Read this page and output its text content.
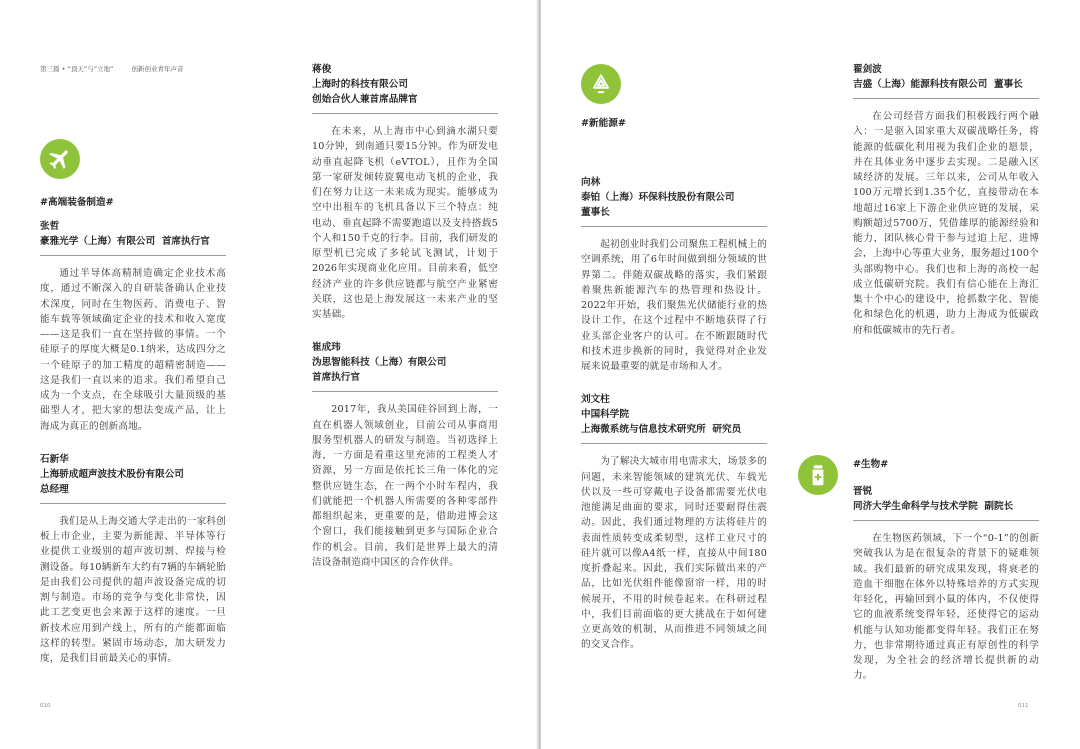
第三篇 • “顶天”与“立地”	创新创业青年声音
#高端装备制造#
张哲
豪雅光学（上海）有限公司 首席执行官

通过半导体高精制造确定企业技术高度，通过不断深入的自研装备确认企业技术深度，同时在生物医药、消费电子、智能车载等领域确定企业的技术和收入宽度——这是我们一直在坚持做的事情。一个硅原子的厚度大概是0.1纳米，达成四分之一个硅原子的加工精度的超精密制造——这是我们一直以来的追求。我们希望自己成为一个支点，在全球吸引大量顶级的基础型人才，把大家的想法变成产品，让上海成为真正的创新高地。

石新华
上海骄成超声波技术股份有限公司
总经理

我们是从上海交通大学走出的一家科创板上市企业，主要为新能源、半导体等行业提供工业级别的超声波切割、焊接与检测设备。每10辆新车大约有7辆的车辆轮胎是由我们公司提供的超声波设备完成的切割与制造。市场的竞争与变化非常快，因此工艺变更也会来源于这样的速度。一旦新技术应用到产线上，所有的产能都面临这样的转型。紧固市场动态，加大研发力度，是我们目前最关心的事情。

蒋俊
上海时的科技有限公司
创始合伙人兼首席品牌官

在未来，从上海市中心到滴水湖只要10分钟，到南通只要15分钟。作为研发电动垂直起降飞机（eVTOL），且作为全国第一家研发倾转旋翼电动飞机的企业，我们在努力让这一未来成为现实。能够成为空中出租车的飞机具备以下三个特点：纯电动、垂直起降不需要跑道以及支持搭载5个人和150千克的行李。目前，我们研发的原型机已完成了多轮试飞测试，计划于2026年实现商业化应用。目前来看，低空经济产业的许多供应链都与航空产业紧密关联，这也是上海发展这一未来产业的坚实基础。

崔成玮
沩思智能科技（上海）有限公司
首席执行官

2017年，我从美国硅谷回到上海，一直在机器人领域创业，目前公司从事商用服务型机器人的研发与制造。当初选择上海，一方面是看重这里充沛的工程类人才资源，另一方面是依托长三角一体化的完整供应链生态，在一两个小时车程内，我们就能把一个机器人所需要的各种零部件都组织起来，更重要的是，借助进博会这个窗口，我们能接触到更多与国际企业合作的机会。目前，我们是世界上最大的清洁设备制造商中国区的合作伙伴。

010
#新能源#
向林
泰铂（上海）环保科技股份有限公司
董事长

起初创业时我们公司聚焦工程机械上的空调系统，用了6年时间做到细分领域的世界第二。伴随双碳战略的落实，我们紧跟着聚焦新能源汽车的热管理和热设计。2022年开始，我们聚焦光伏储能行业的热设计工作，在这个过程中不断地获得了行业头部企业客户的认可。在不断跟随时代和技术进步换新的同时，我觉得对企业发展来说最重要的就是市场和人才。

刘文柱
中国科学院
上海微系统与信息技术研究所 研究员

为了解决大城市用电需求大，场景多的问题，未来智能领域的建筑光伏、车载光伏以及一些可穿戴电子设备都需要光伏电池能满足曲面的要求，同时还要耐得住震动。因此，我们通过物理的方法将硅片的表面性质转变成柔韧型，这样工业尺寸的硅片就可以像A4纸一样，直接从中间180度折叠起来。因此，我们实际做出来的产品，比如光伏组件能像窗帘一样，用的时候展开，不用的时候卷起来。在科研过程中，我们目前面临的更大挑战在于如何建立更高效的机制，从而推进不同领域之间的交叉合作。

翟剑波
吉盛（上海）能源科技有限公司 董事长

在公司经营方面我们积极践行两个融入：一是驱入国家重大双碳战略任务，将能源的低碳化利用视为我们企业的愿景，并在具体业务中逐步去实现。二是融入区域经济的发展。三年以来，公司从年收入100万元增长到1.35个亿，直接带动在本地超过16家上下游企业供应链的发展，采购额超过5700万，凭借雄厚的能源经验和能力，团队核心骨干参与过追上尼、进博会，上海中心等重大业务，服务超过100个头部购物中心。我们也和上海的高校一起成立低碳研究院。我们有信心能在上海汇集十个中心的建设中，抢抓数字化、智能化和绿色化的机遇，助力上海成为低碳政府和低碳城市的先行者。

#生物#
晋锐
同济大学生命科学与技术学院 副院长

在生物医药领域，下一个“0-1”的创新突破我认为是在很复杂的背景下的疑难领域。我们最新的研究成果发现，将衰老的造血干细胞在体外以特殊培养的方式实现年轻化，再输回到小鼠的体内，不仅使得它的血液系统变得年轻，还使得它的运动机能与认知功能都变得年轻。我们正在努力，也非常期待通过真正有原创性的科学发现，为全社会的经济增长提供新的动力。

011
